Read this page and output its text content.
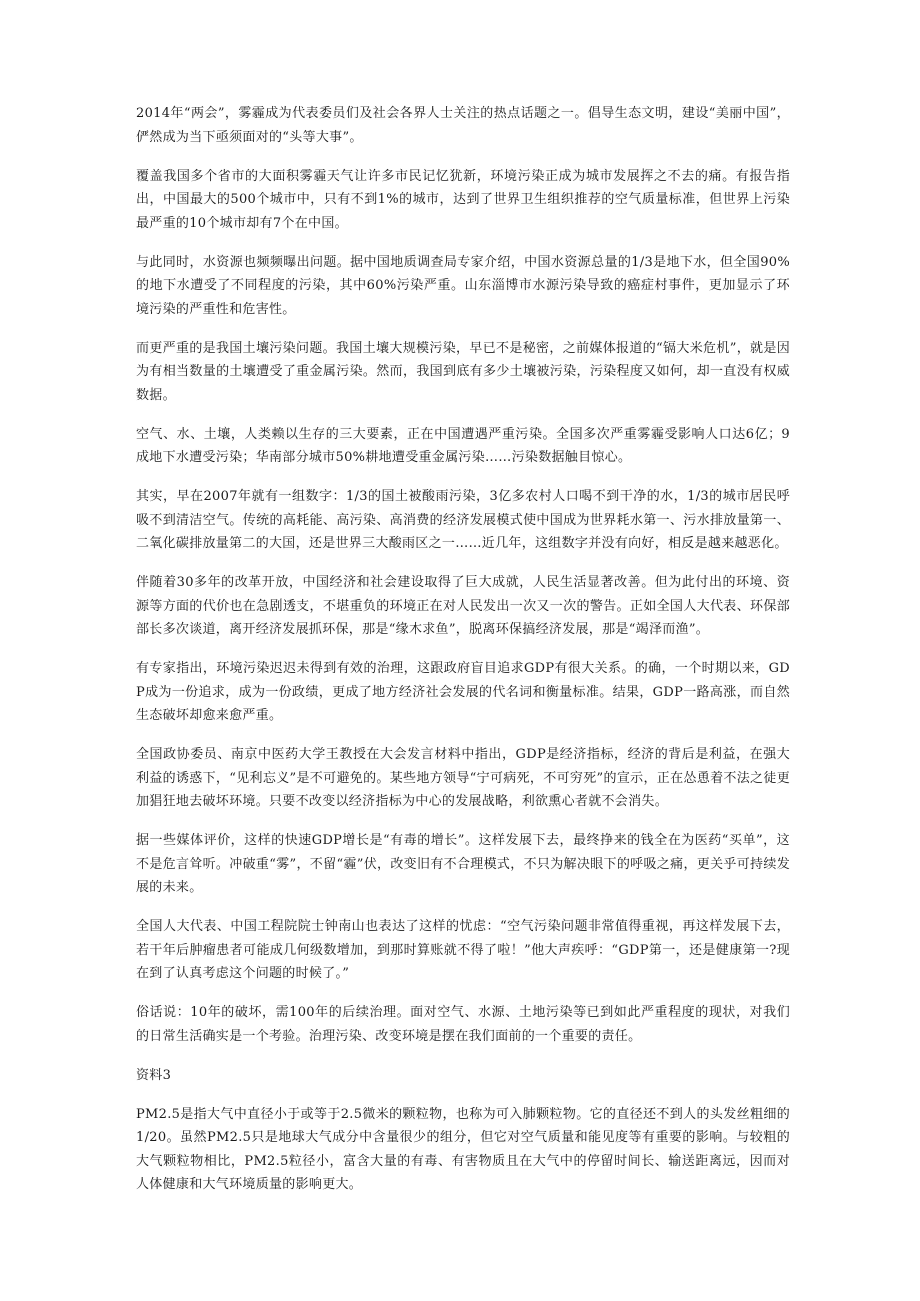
2014年“两会”，雾霾成为代表委员们及社会各界人士关注的热点话题之一。倡导生态文明，建设“美丽中国”，俨然成为当下亟须面对的“头等大事”。

覆盖我国多个省市的大面积雾霾天气让许多市民记忆犹新，环境污染正成为城市发展挥之不去的痛。有报告指出，中国最大的500个城市中，只有不到1%的城市，达到了世界卫生组织推荐的空气质量标准，但世界上污染最严重的10个城市却有7个在中国。

与此同时，水资源也频频曝出问题。据中国地质调查局专家介绍，中国水资源总量的1/3是地下水，但全国90%的地下水遭受了不同程度的污染，其中60%污染严重。山东淄博市水源污染导致的癌症村事件，更加显示了环境污染的严重性和危害性。

而更严重的是我国土壤污染问题。我国土壤大规模污染，早已不是秘密，之前媒体报道的“镉大米危机”，就是因为有相当数量的土壤遭受了重金属污染。然而，我国到底有多少土壤被污染，污染程度又如何，却一直没有权威数据。

空气、水、土壤，人类赖以生存的三大要素，正在中国遭遇严重污染。全国多次严重雾霾受影响人口达6亿；9成地下水遭受污染；华南部分城市50%耕地遭受重金属污染……污染数据触目惊心。

其实，早在2007年就有一组数字：1/3的国土被酸雨污染，3亿多农村人口喝不到干净的水，1/3的城市居民呼吸不到清洁空气。传统的高耗能、高污染、高消费的经济发展模式使中国成为世界耗水第一、污水排放量第一、二氧化碳排放量第二的大国，还是世界三大酸雨区之一……近几年，这组数字并没有向好，相反是越来越恶化。

伴随着30多年的改革开放，中国经济和社会建设取得了巨大成就，人民生活显著改善。但为此付出的环境、资源等方面的代价也在急剧透支，不堪重负的环境正在对人民发出一次又一次的警告。正如全国人大代表、环保部部长多次谈道，离开经济发展抓环保，那是“缘木求鱼”，脱离环保搞经济发展，那是“竭泽而渔”。

有专家指出，环境污染迟迟未得到有效的治理，这跟政府盲目追求GDP有很大关系。的确，一个时期以来，GDP成为一份追求，成为一份政绩，更成了地方经济社会发展的代名词和衡量标准。结果，GDP一路高涨，而自然生态破坏却愈来愈严重。

全国政协委员、南京中医药大学王教授在大会发言材料中指出，GDP是经济指标，经济的背后是利益，在强大利益的诱惑下，“见利忘义”是不可避免的。某些地方领导“宁可病死，不可穷死”的宣示，正在怂恿着不法之徒更加猖狂地去破坏环境。只要不改变以经济指标为中心的发展战略，利欲熏心者就不会消失。

据一些媒体评价，这样的快速GDP增长是“有毒的增长”。这样发展下去，最终挣来的钱全在为医药“买单”，这不是危言耸听。冲破重“雾”，不留“霾”伏，改变旧有不合理模式，不只为解决眼下的呼吸之痛，更关乎可持续发展的未来。

全国人大代表、中国工程院院士钟南山也表达了这样的忧虑：“空气污染问题非常值得重视，再这样发展下去，若干年后肿瘤患者可能成几何级数增加，到那时算账就不得了啦！”他大声疾呼：“GDP第一，还是健康第一?现在到了认真考虑这个问题的时候了。”

俗话说：10年的破坏，需100年的后续治理。面对空气、水源、土地污染等已到如此严重程度的现状，对我们的日常生活确实是一个考验。治理污染、改变环境是摆在我们面前的一个重要的责任。

资料3

PM2.5是指大气中直径小于或等于2.5微米的颗粒物，也称为可入肺颗粒物。它的直径还不到人的头发丝粗细的1/20。虽然PM2.5只是地球大气成分中含量很少的组分，但它对空气质量和能见度等有重要的影响。与较粗的大气颗粒物相比，PM2.5粒径小，富含大量的有毒、有害物质且在大气中的停留时间长、输送距离远，因而对人体健康和大气环境质量的影响更大。
